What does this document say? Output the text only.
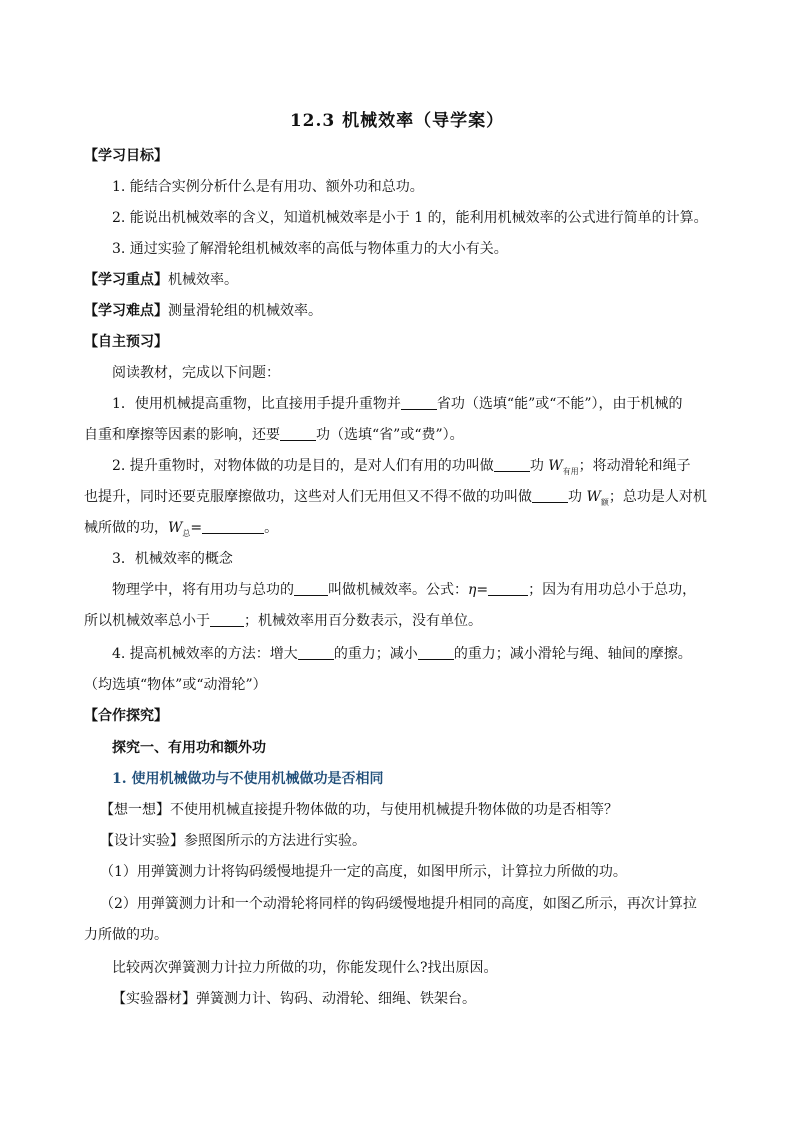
12.3 机械效率（导学案）
【学习目标】
1. 能结合实例分析什么是有用功、额外功和总功。
2. 能说出机械效率的含义，知道机械效率是小于 1 的，能利用机械效率的公式进行简单的计算。
3. 通过实验了解滑轮组机械效率的高低与物体重力的大小有关。
【学习重点】机械效率。
【学习难点】测量滑轮组的机械效率。
【自主预习】
阅读教材，完成以下问题：
1．使用机械提高重物，比直接用手提升重物并	省功（选填“能”或“不能”），由于机械的
自重和摩擦等因素的影响，还要	功（选填“省”或“费”）。
2. 提升重物时，对物体做的功是目的，是对人们有用的功叫做	功 $W_{有用}$；将动滑轮和绳子
也提升，同时还要克服摩擦做功，这些对人们无用但又不得不做的功叫做	功 $W_额$；总功是人对机
械所做的功，$W_总=$	。
3．机械效率的概念
物理学中，将有用功与总功的 叫做机械效率。公式：η=	；因为有用功总小于总功，
所以机械效率总小于 ；机械效率用百分数表示，没有单位。
4. 提高机械效率的方法：增大	的重力；减小	的重力；减小滑轮与绳、轴间的摩擦。
（均选填“物体”或“动滑轮”）
【合作探究】
探究一、有用功和额外功
1. 使用机械做功与不使用机械做功是否相同
【想一想】不使用机械直接提升物体做的功，与使用机械提升物体做的功是否相等？
【设计实验】参照图所示的方法进行实验。
（1）用弹簧测力计将钩码缓慢地提升一定的高度，如图甲所示，计算拉力所做的功。
（2）用弹簧测力计和一个动滑轮将同样的钩码缓慢地提升相同的高度，如图乙所示，再次计算拉
力所做的功。
比较两次弹簧测力计拉力所做的功，你能发现什么?找出原因。
【实验器材】弹簧测力计、钩码、动滑轮、细绳、铁架台。
